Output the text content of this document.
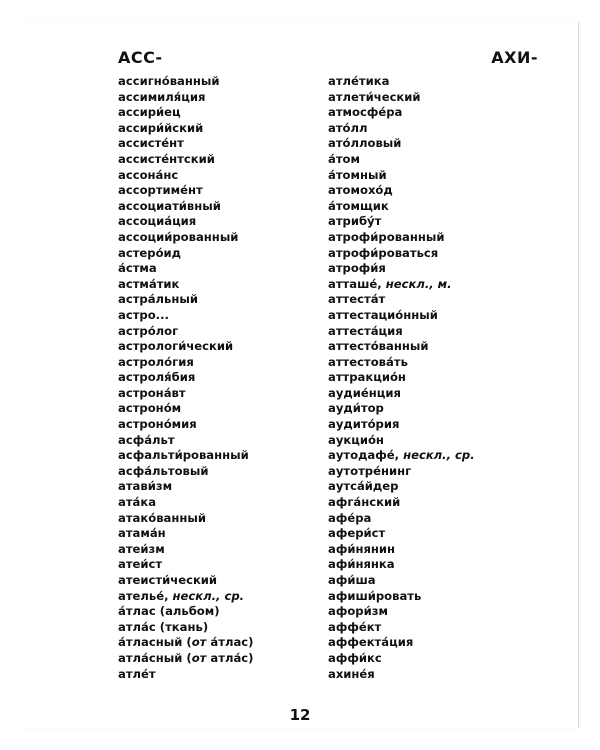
АСС-	АХИ-
ассигно́ванный
ассимиля́ция
ассири́ец
ассири́йский
ассисте́нт
ассисте́нтский
ассона́нс
ассортиме́нт
ассоциати́вный
ассоциа́ция
ассоции́рованный
астеро́ид
а́стма
астма́тик
астра́льный
астро...
астро́лог
астрологи́ческий
астроло́гия
астроля́бия
астрона́вт
астроно́м
астроно́мия
асфа́льт
асфальти́рованный
асфа́льтовый
атави́зм
ата́ка
атако́ванный
атама́н
атеи́зм
атеи́ст
атеисти́ческий
ателье́, нескл., ср.
а́тлас (альбом)
атла́с (ткань)
а́тласный (от а́тлас)
атла́сный (от атла́с)
атле́т
атле́тика
атлети́ческий
атмосфе́ра
ато́лл
ато́лловый
а́том
а́томный
атомохо́д
а́томщик
атрибу́т
атрофи́рованный
атрофи́роваться
атрофи́я
атташе́, нескл., м.
аттеста́т
аттестацио́нный
аттеста́ция
аттесто́ванный
аттестова́ть
аттракцио́н
аудие́нция
ауди́тор
аудито́рия
аукцио́н
аутодафе́, нескл., ср.
аутотре́нинг
аутса́йдер
афга́нский
афе́ра
афери́ст
афи́нянин
афи́нянка
афи́ша
афиши́ровать
афори́зм
аффе́кт
аффекта́ция
аффи́кс
ахине́я
12
